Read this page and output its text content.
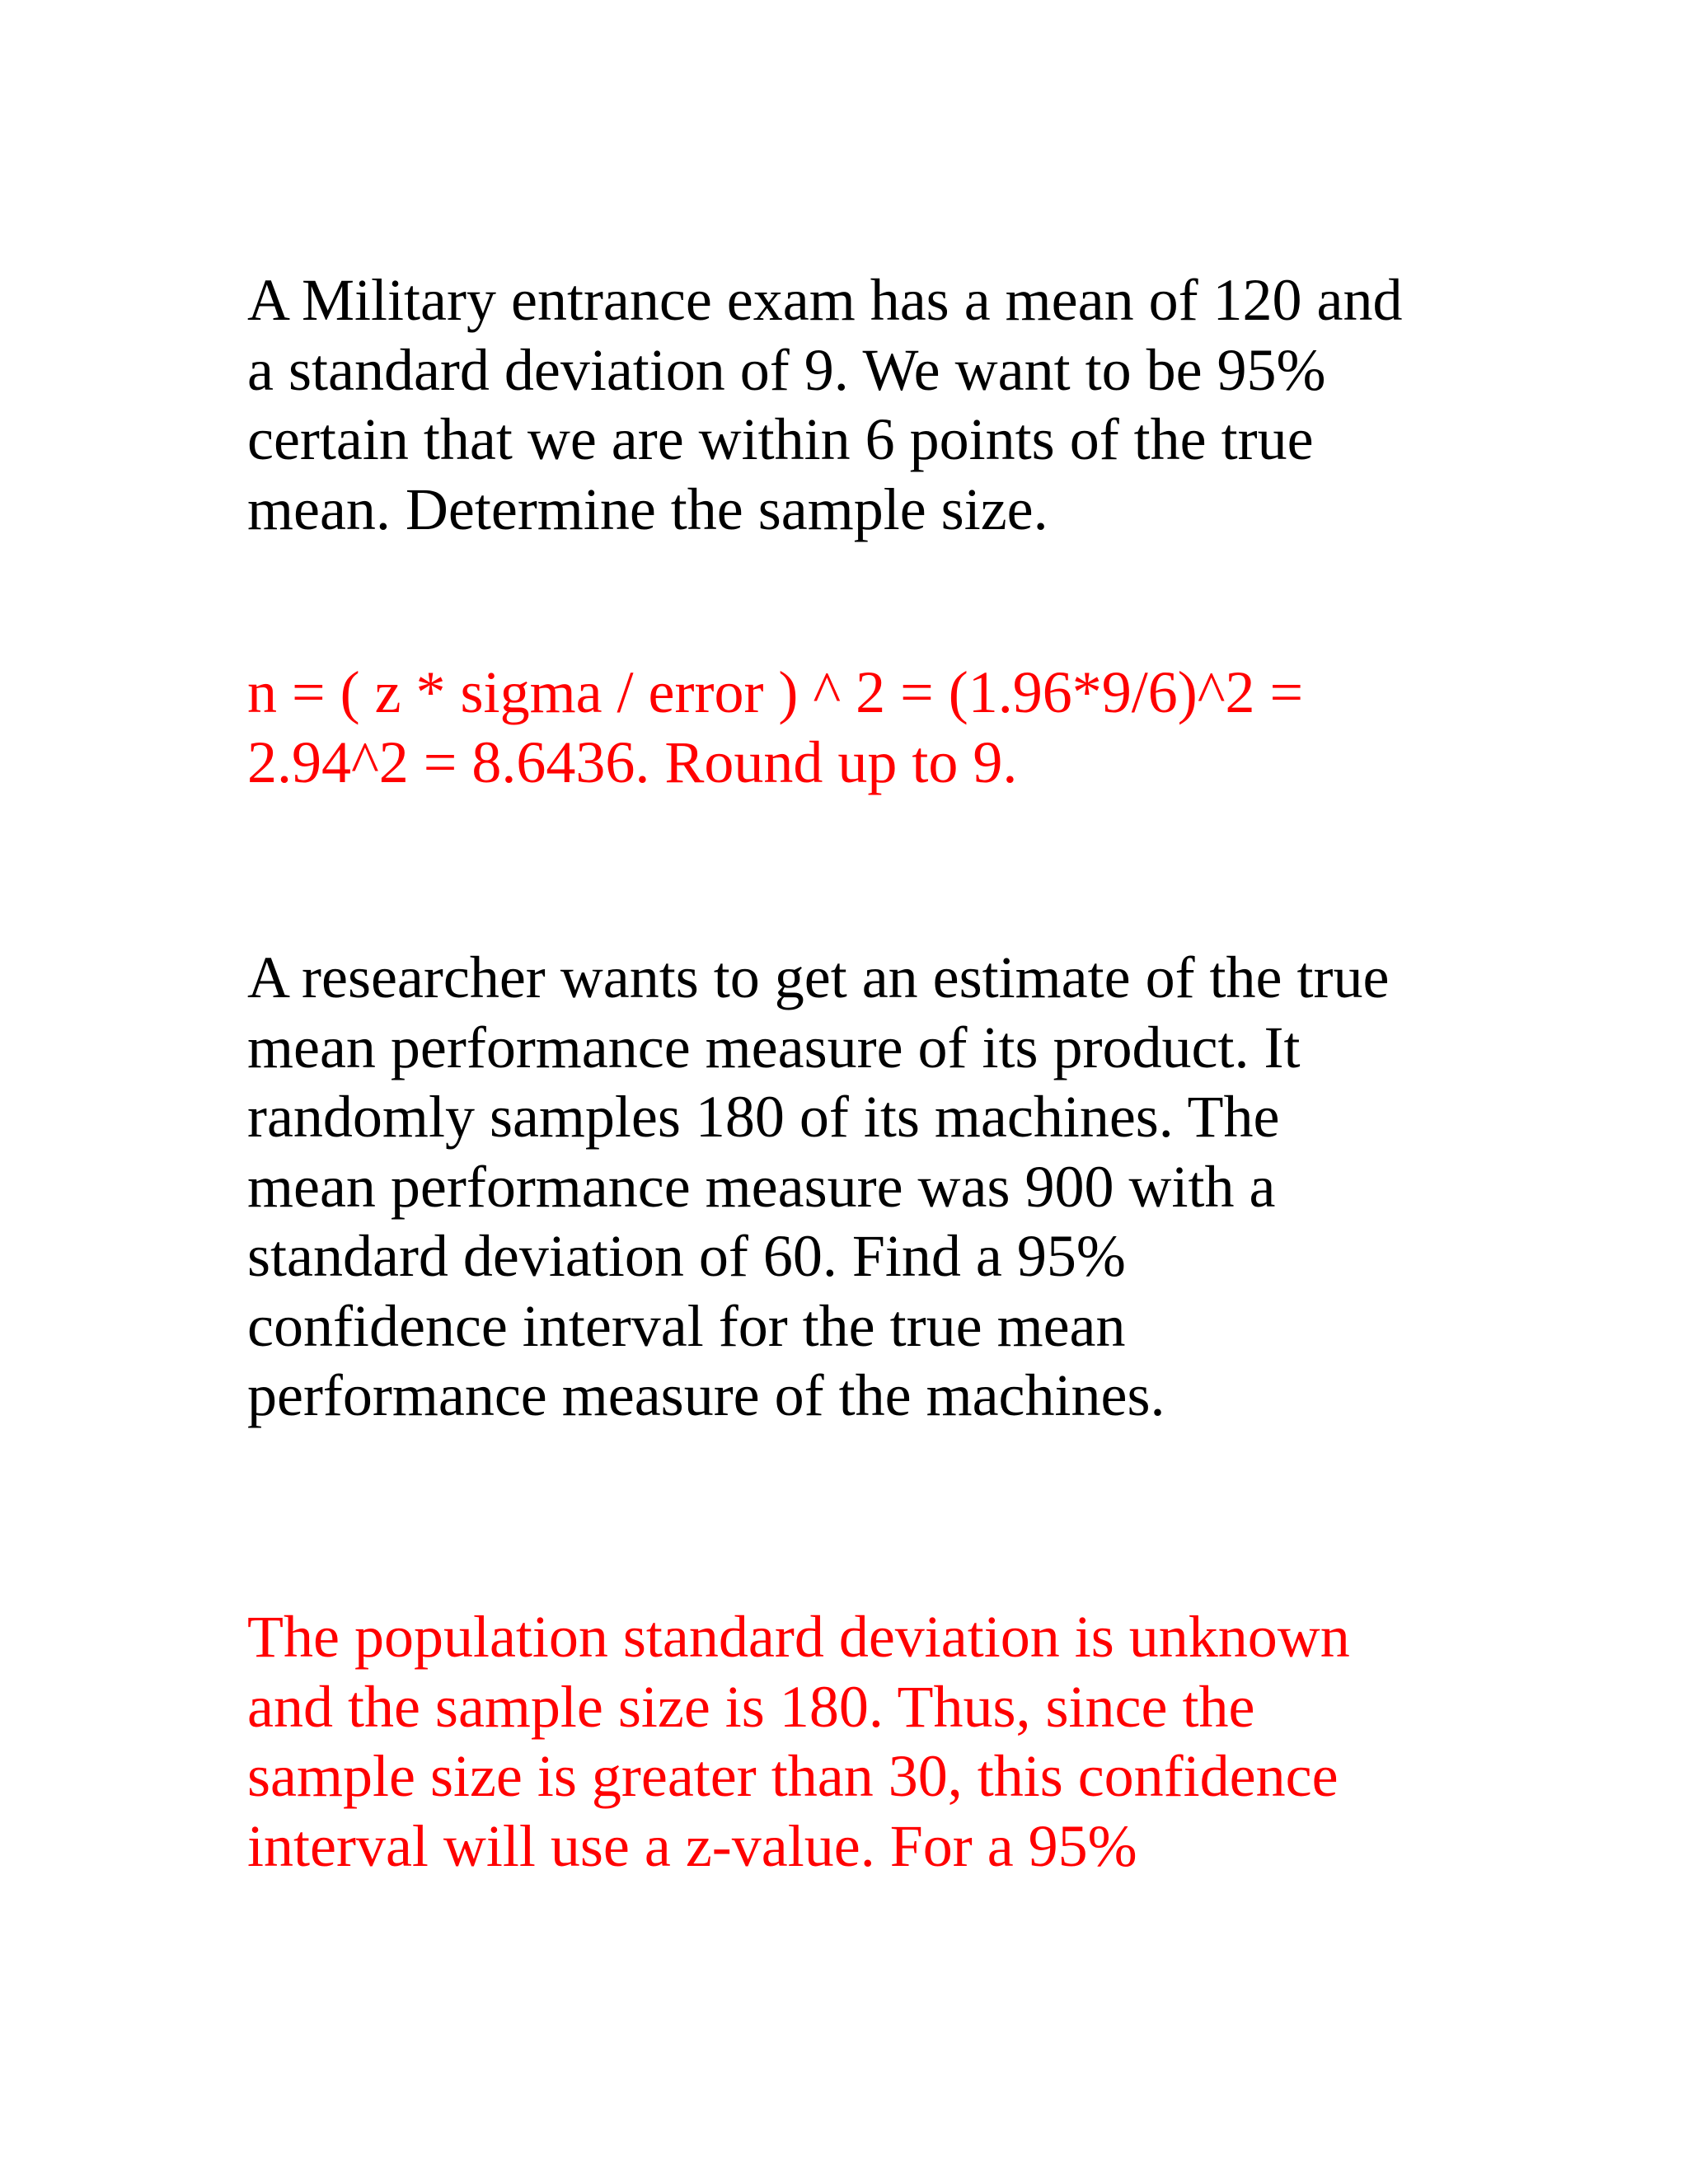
A Military entrance exam has a mean of 120 and
a standard deviation of 9. We want to be 95%
certain that we are within 6 points of the true
mean. Determine the sample size.
n = ( z * sigma / error ) ^ 2 = (1.96*9/6)^2 =
2.94^2 = 8.6436. Round up to 9.
A researcher wants to get an estimate of the true
mean performance measure of its product. It
randomly samples 180 of its machines. The
mean performance measure was 900 with a
standard deviation of 60. Find a 95%
confidence interval for the true mean
performance measure of the machines.
The population standard deviation is unknown
and the sample size is 180. Thus, since the
sample size is greater than 30, this confidence
interval will use a z-value. For a 95%
